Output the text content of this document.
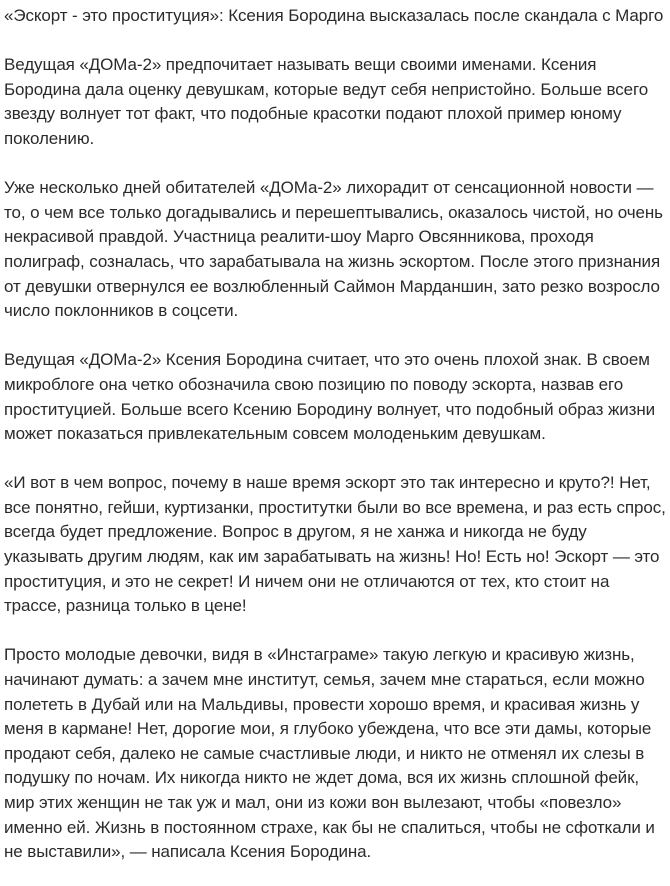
«Эскорт - это проституция»: Ксения Бородина высказалась после скандала с Марго

Ведущая «ДОМа-2» предпочитает называть вещи своими именами. Ксения Бородина дала оценку девушкам, которые ведут себя непристойно. Больше всего звезду волнует тот факт, что подобные красотки подают плохой пример юному поколению.

Уже несколько дней обитателей «ДОМа-2» лихорадит от сенсационной новости — то, о чем все только догадывались и перешептывались, оказалось чистой, но очень некрасивой правдой. Участница реалити-шоу Марго Овсянникова, проходя полиграф, созналась, что зарабатывала на жизнь эскортом. После этого признания от девушки отвернулся ее возлюбленный Саймон Марданшин, зато резко возросло число поклонников в соцсети.

Ведущая «ДОМа-2» Ксения Бородина считает, что это очень плохой знак. В своем микроблоге она четко обозначила свою позицию по поводу эскорта, назвав его проституцией. Больше всего Ксению Бородину волнует, что подобный образ жизни может показаться привлекательным совсем молоденьким девушкам.

«И вот в чем вопрос, почему в наше время эскорт это так интересно и круто?! Нет, все понятно, гейши, куртизанки, проститутки были во все времена, и раз есть спрос, всегда будет предложение. Вопрос в другом, я не ханжа и никогда не буду указывать другим людям, как им зарабатывать на жизнь! Но! Есть но! Эскорт — это проституция, и это не секрет! И ничем они не отличаются от тех, кто стоит на трассе, разница только в цене!

Просто молодые девочки, видя в «Инстаграме» такую легкую и красивую жизнь, начинают думать: а зачем мне институт, семья, зачем мне стараться, если можно полететь в Дубай или на Мальдивы, провести хорошо время, и красивая жизнь у меня в кармане! Нет, дорогие мои, я глубоко убеждена, что все эти дамы, которые продают себя, далеко не самые счастливые люди, и никто не отменял их слезы в подушку по ночам. Их никогда никто не ждет дома, вся их жизнь сплошной фейк, мир этих женщин не так уж и мал, они из кожи вон вылезают, чтобы «повезло» именно ей. Жизнь в постоянном страхе, как бы не спалиться, чтобы не сфоткали и не выставили», — написала Ксения Бородина.
